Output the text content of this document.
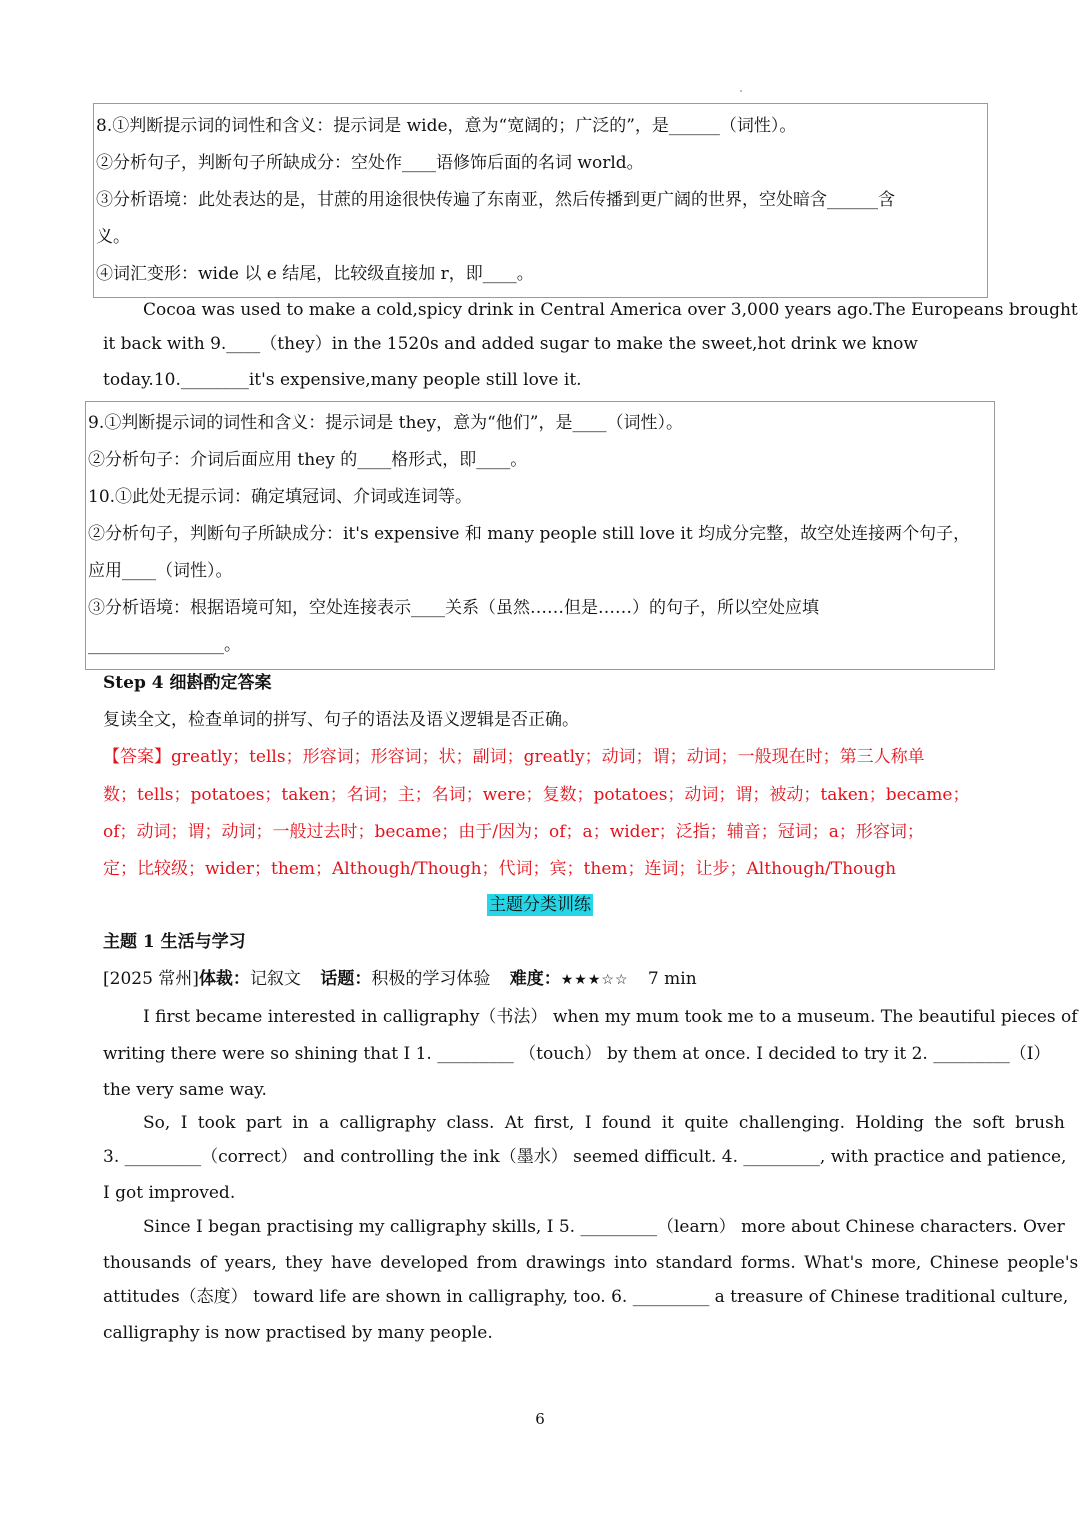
8.①判断提示词的词性和含义：提示词是 wide，意为“宽阔的；广泛的”，是______（词性）。
②分析句子，判断句子所缺成分：空处作____语修饰后面的名词 world。
③分析语境：此处表达的是，甘蔗的用途很快传遍了东南亚，然后传播到更广阔的世界，空处暗含______含
义。
④词汇变形：wide 以 e 结尾，比较级直接加 r，即____。
Cocoa was used to make a cold,spicy drink in Central America over 3,000 years ago.The Europeans brought
it back with 9.____（they）in the 1520s and added sugar to make the sweet,hot drink we know
today.10.________it's expensive,many people still love it.
9.①判断提示词的词性和含义：提示词是 they，意为“他们”，是____（词性）。
②分析句子：介词后面应用 they 的____格形式，即____。
10.①此处无提示词：确定填冠词、介词或连词等。
②分析句子，判断句子所缺成分：it's expensive 和 many people still love it 均成分完整，故空处连接两个句子，
应用____（词性）。
③分析语境：根据语境可知，空处连接表示____关系（虽然……但是……）的句子，所以空处应填
________________。
Step 4 细斟酌定答案
复读全文，检查单词的拼写、句子的语法及语义逻辑是否正确。
【答案】greatly；tells；形容词；形容词；状；副词；greatly；动词；谓；动词；一般现在时；第三人称单
数；tells；potatoes；taken；名词；主；名词；were；复数；potatoes；动词；谓；被动；taken；became；
of；动词；谓；动词；一般过去时；became；由于/因为；of；a；wider；泛指；辅音；冠词；a；形容词；
定；比较级；wider；them；Although/Though；代词；宾；them；连词；让步；Although/Though
主题分类训练
主题 1 生活与学习
[2025 常州]体裁：记叙文 话题：积极的学习体验 难度：★★★☆☆ 7 min
I first became interested in calligraphy（书法） when my mum took me to a museum. The beautiful pieces of
writing there were so shining that I 1. _________ （touch） by them at once. I decided to try it 2. _________（I）
the very same way.
So, I took part in a calligraphy class. At first, I found it quite challenging. Holding the soft brush
3. _________（correct） and controlling the ink（墨水） seemed difficult. 4. _________, with practice and patience,
I got improved.
Since I began practising my calligraphy skills, I 5. _________（learn） more about Chinese characters. Over
thousands of years, they have developed from drawings into standard forms. What's more, Chinese people's
attitudes（态度） toward life are shown in calligraphy, too. 6. _________ a treasure of Chinese traditional culture,
calligraphy is now practised by many people.
6
